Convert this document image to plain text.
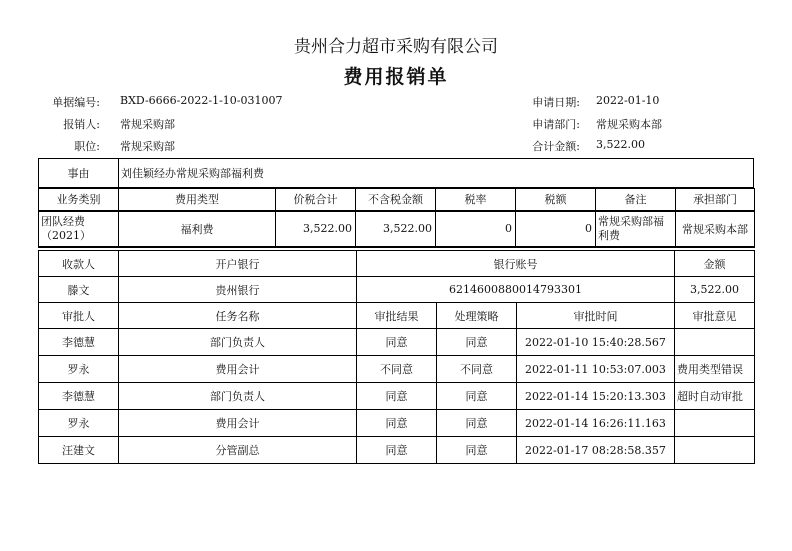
贵州合力超市采购有限公司
费用报销单
单据编号: BXD-6666-2022-1-10-031007	申请日期: 2022-01-10
报销人: 常规采购部	申请部门: 常规采购本部
职位: 常规采购部	合计金额: 3,522.00
事由	刘佳颖经办常规采购部福利费
业务类别	费用类型	价税合计	不含税金额	税率	税额	备注	承担部门
团队经费（2021）	福利费	3,522.00	3,522.00	0	0	常规采购部福利费	常规采购本部
收款人	开户银行	银行账号			金额
滕文	贵州银行	6214600880014793301			3,522.00
审批人	任务名称	审批结果	处理策略	审批时间	审批意见
李德慧	部门负责人	同意	同意	2022-01-10 15:40:28.567	
罗永	费用会计	不同意	不同意	2022-01-11 10:53:07.003	费用类型错误
李德慧	部门负责人	同意	同意	2022-01-14 15:20:13.303	超时自动审批
罗永	费用会计	同意	同意	2022-01-14 16:26:11.163	
汪建文	分管副总	同意	同意	2022-01-17 08:28:58.357	
